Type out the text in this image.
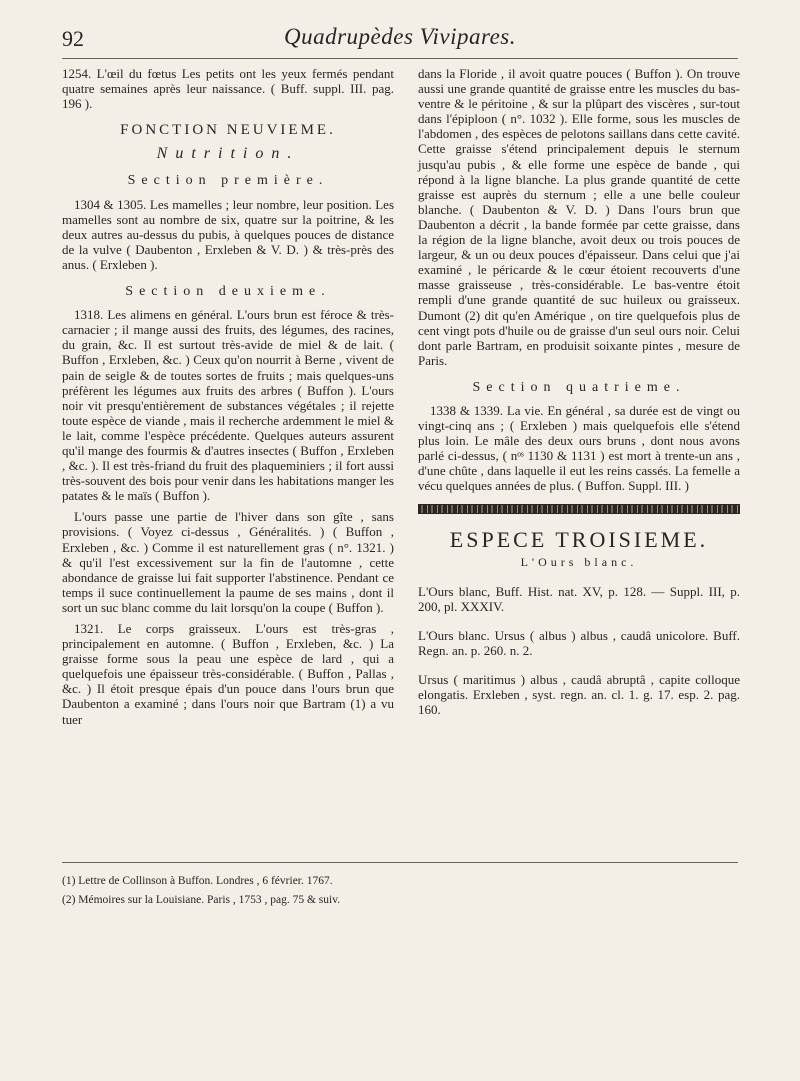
92	Quadrupèdes Vivipares.

1254. L'œil du fœtus Les petits ont les yeux fermés pendant quatre semaines après leur naissance. ( Buff. suppl. III. pag. 196 ).

FONCTION NEUVIEME.
Nutrition.
Section première.

1304 & 1305. Les mamelles ; leur nombre, leur position. Les mamelles sont au nombre de six, quatre sur la poitrine, & les deux autres au-dessus du pubis, à quelques pouces de distance de la vulve ( Daubenton , Erxleben & V. D. ) & très-près des anus. ( Erxleben ).

Section deuxieme.

1318. Les alimens en général. L'ours brun est féroce & très-carnacier ; il mange aussi des fruits, des légumes, des racines, du grain, &c. Il est surtout très-avide de miel & de lait. ( Buffon , Erxleben, &c. ) Ceux qu'on nourrit à Berne , vivent de pain de seigle & de toutes sortes de fruits ; mais quelques-uns préfèrent les légumes aux fruits des arbres ( Buffon ). L'ours noir vit presqu'entièrement de substances végétales ; il rejette toute espèce de viande , mais il recherche ardemment le miel & le lait, comme l'espèce précédente. Quelques auteurs assurent qu'il mange des fourmis & d'autres insectes ( Buffon , Erxleben , &c. ). Il est très-friand du fruit des plaqueminiers ; il fort aussi très-souvent des bois pour venir dans les habitations manger les patates & le maïs ( Buffon ).

L'ours passe une partie de l'hiver dans son gîte , sans provisions. ( Voyez ci-dessus , Généralités. ) ( Buffon , Erxleben , &c. ) Comme il est naturellement gras ( n°. 1321. ) & qu'il l'est excessivement sur la fin de l'automne , cette abondance de graisse lui fait supporter l'abstinence. Pendant ce temps il suce continuellement la paume de ses mains , dont il sort un suc blanc comme du lait lorsqu'on la coupe ( Buffon ).

1321. Le corps graisseux. L'ours est très-gras , principalement en automne. ( Buffon , Erxleben, &c. ) La graisse forme sous la peau une espèce de lard , qui a quelquefois une épaisseur très-considérable. ( Buffon , Pallas , &c. ) Il étoit presque épais d'un pouce dans l'ours brun que Daubenton a examiné ; dans l'ours noir que Bartram (1) a vu tuer

dans la Floride , il avoit quatre pouces ( Buffon ). On trouve aussi une grande quantité de graisse entre les muscles du bas-ventre & le péritoine , & sur la plûpart des viscères , sur-tout dans l'épiploon ( n°. 1032 ). Elle forme, sous les muscles de l'abdomen , des espèces de pelotons saillans dans cette cavité. Cette graisse s'étend principalement depuis le sternum jusqu'au pubis , & elle forme une espèce de bande , qui répond à la ligne blanche. La plus grande quantité de cette graisse est auprès du sternum ; elle a une belle couleur blanche. ( Daubenton & V. D. ) Dans l'ours brun que Daubenton a décrit , la bande formée par cette graisse, dans la région de la ligne blanche, avoit deux ou trois pouces de largeur, & un ou deux pouces d'épaisseur. Dans celui que j'ai examiné , le péricarde & le cœur étoient recouverts d'une masse graisseuse , très-considérable. Le bas-ventre étoit rempli d'une grande quantité de suc huileux ou graisseux. Dumont (2) dit qu'en Amérique , on tire quelquefois plus de cent vingt pots d'huile ou de graisse d'un seul ours noir. Celui dont parle Bartram, en produisit soixante pintes , mesure de Paris.

Section quatrieme.

1338 & 1339. La vie. En général , sa durée est de vingt ou vingt-cinq ans ; ( Erxleben ) mais quelquefois elle s'étend plus loin. Le mâle des deux ours bruns , dont nous avons parlé ci-dessus, ( nᵒˢ 1130 & 1131 ) est mort à trente-un ans , d'une chûte , dans laquelle il eut les reins cassés. La femelle a vécu quelques années de plus. ( Buffon. Suppl. III. )

ESPECE TROISIEME.
L'Ours blanc.

L'Ours blanc, Buff. Hist. nat. XV, p. 128. — Suppl. III, p. 200, pl. XXXIV.

L'Ours blanc. Ursus ( albus ) albus , caudâ unicolore. Buff. Regn. an. p. 260. n. 2.

Ursus ( maritimus ) albus , caudâ abruptâ , capite colloque elongatis. Erxleben , syst. regn. an. cl. 1. g. 17. esp. 2. pag. 160.

(1) Lettre de Collinson à Buffon. Londres , 6 février. 1767.
(2) Mémoires sur la Louisiane. Paris , 1753 , pag. 75 & suiv.
